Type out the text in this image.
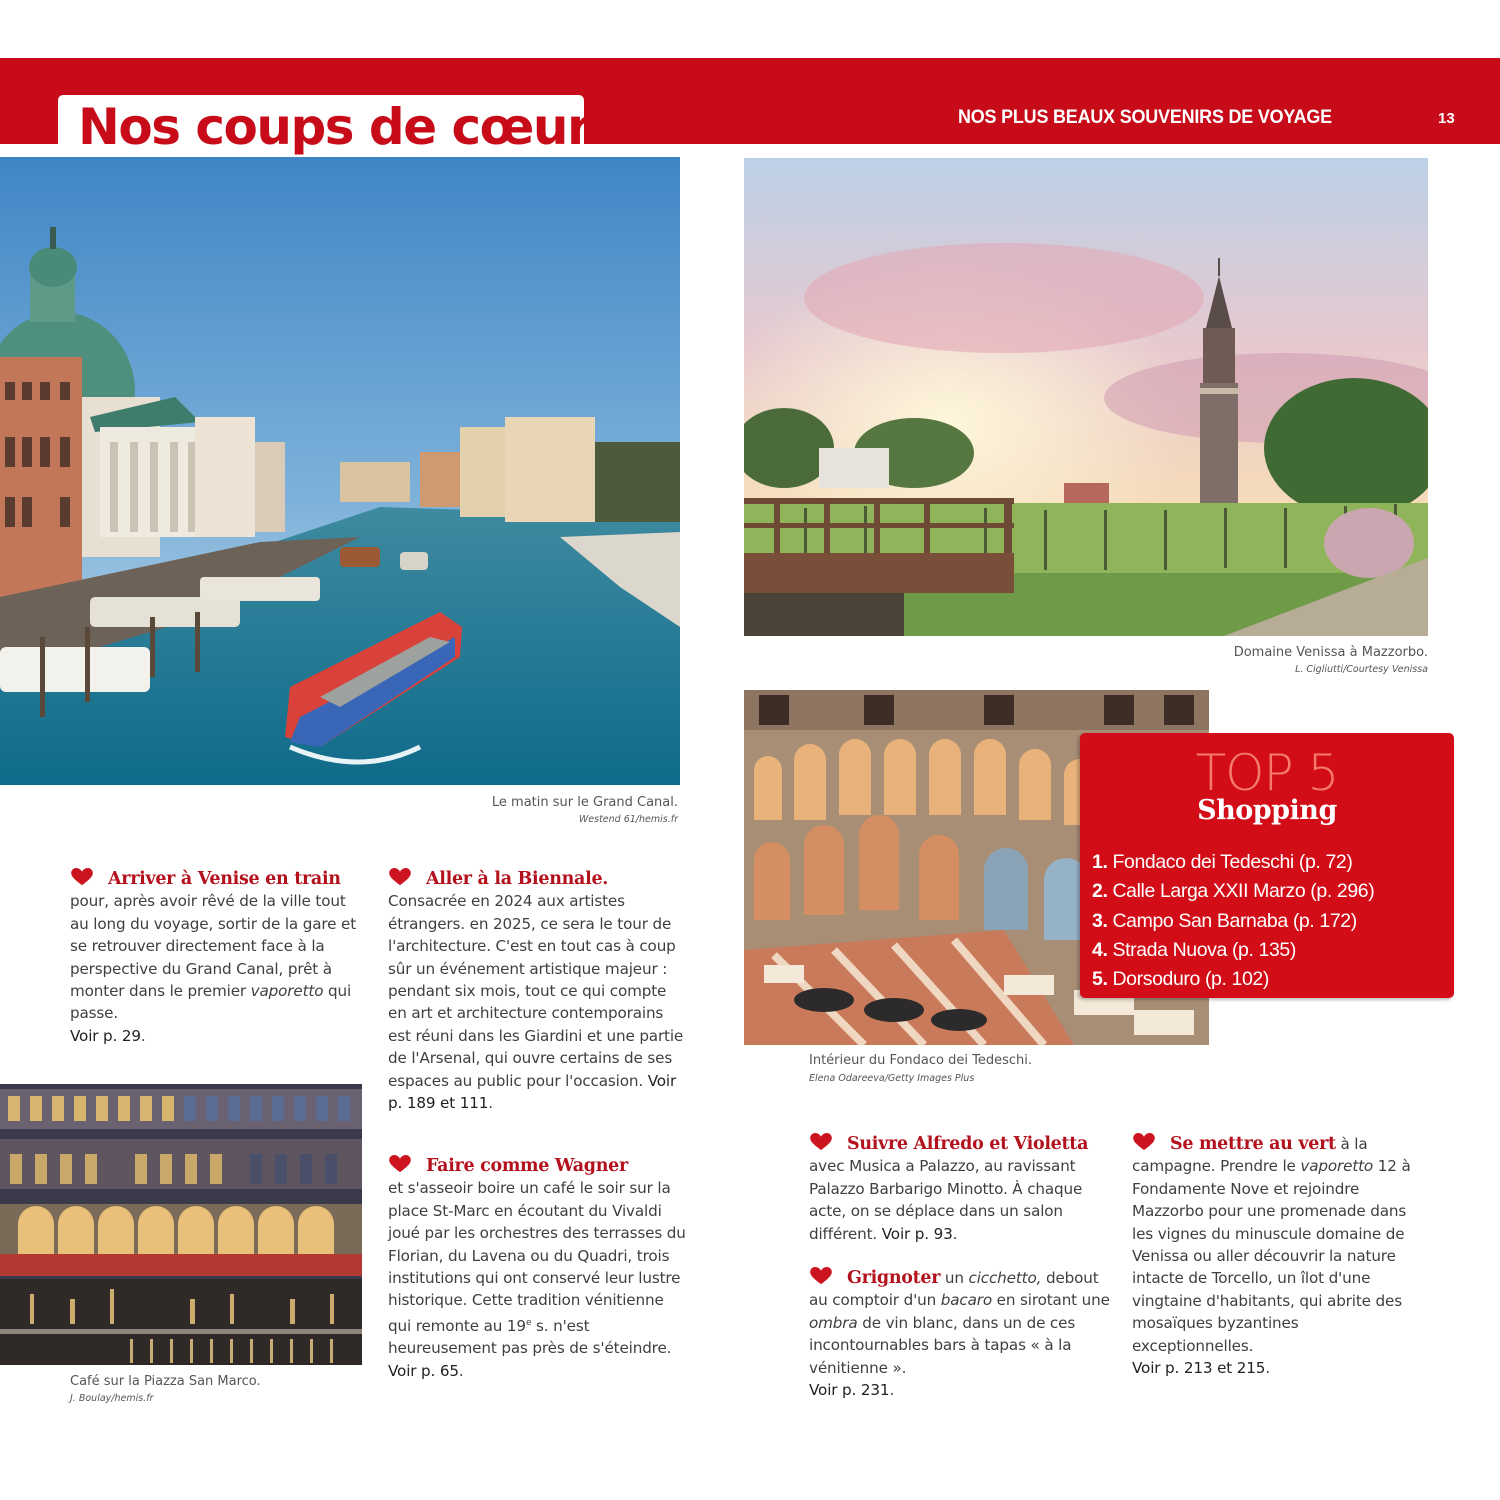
Nos coups de cœur	NOS PLUS BEAUX SOUVENIRS DE VOYAGE	13
Le matin sur le Grand Canal.
Westend 61/hemis.fr
Domaine Venissa à Mazzorbo.
L. Cigliutti/Courtesy Venissa
Intérieur du Fondaco dei Tedeschi.
Elena Odareeva/Getty Images Plus
TOP 5
Shopping
1. Fondaco dei Tedeschi (p. 72)
2. Calle Larga XXII Marzo (p. 296)
3. Campo San Barnaba (p. 172)
4. Strada Nuova (p. 135)
5. Dorsoduro (p. 102)
Café sur la Piazza San Marco.
J. Boulay/hemis.fr
Arriver à Venise en train pour, après avoir rêvé de la ville tout au long du voyage, sortir de la gare et se retrouver directement face à la perspective du Grand Canal, prêt à monter dans le premier vaporetto qui passe.
Voir p. 29.
Aller à la Biennale.
Consacrée en 2024 aux artistes étrangers. en 2025, ce sera le tour de l'architecture. C'est en tout cas à coup sûr un événement artistique majeur : pendant six mois, tout ce qui compte en art et architecture contemporains est réuni dans les Giardini et une partie de l'Arsenal, qui ouvre certains de ses espaces au public pour l'occasion. Voir p. 189 et 111.
Faire comme Wagner
et s'asseoir boire un café le soir sur la place St-Marc en écoutant du Vivaldi joué par les orchestres des terrasses du Florian, du Lavena ou du Quadri, trois institutions qui ont conservé leur lustre historique. Cette tradition vénitienne qui remonte au 19e s. n'est heureusement pas près de s'éteindre. Voir p. 65.
Suivre Alfredo et Violetta avec Musica a Palazzo, au ravissant Palazzo Barbarigo Minotto. À chaque acte, on se déplace dans un salon différent. Voir p. 93.
Grignoter un cicchetto, debout au comptoir d'un bacaro en sirotant une ombra de vin blanc, dans un de ces incontournables bars à tapas « à la vénitienne ».
Voir p. 231.
Se mettre au vert à la campagne. Prendre le vaporetto 12 à Fondamente Nove et rejoindre Mazzorbo pour une promenade dans les vignes du minuscule domaine de Venissa ou aller découvrir la nature intacte de Torcello, un îlot d'une vingtaine d'habitants, qui abrite des mosaïques byzantines exceptionnelles.
Voir p. 213 et 215.
